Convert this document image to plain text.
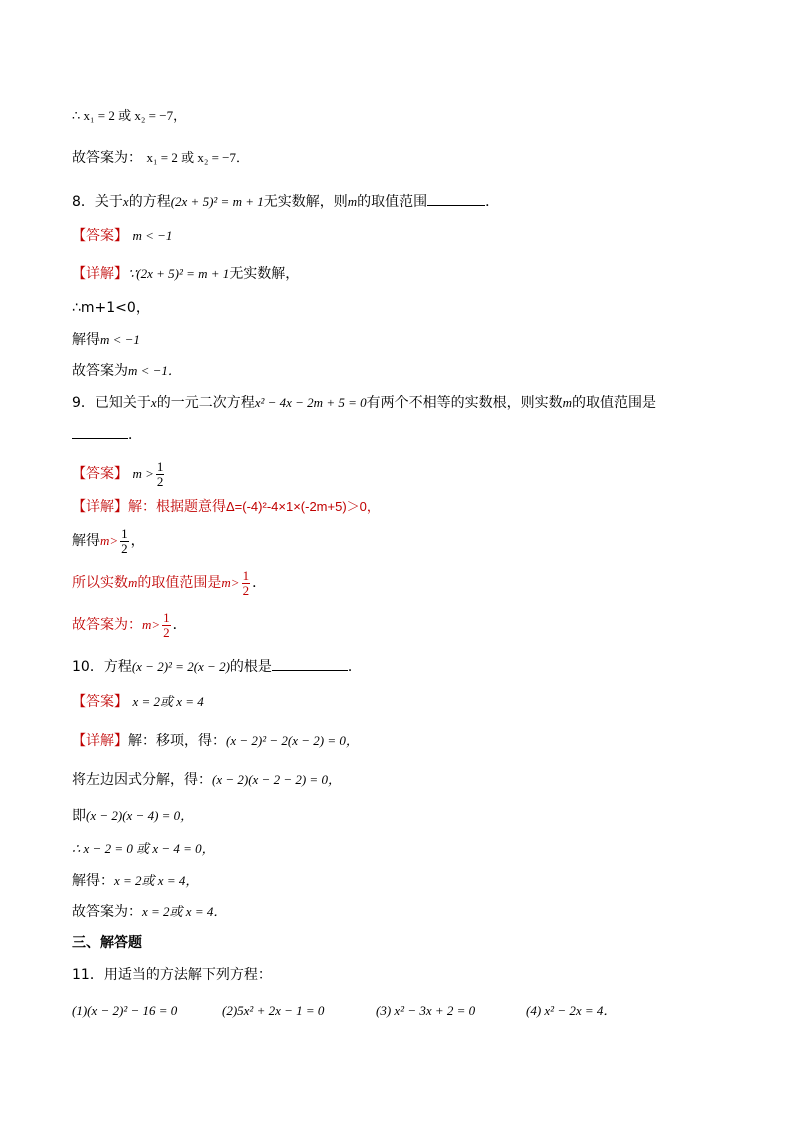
∴ x₁ = 2 或 x₂ = −7，
故答案为： x₁ = 2 或 x₂ = −7．
8．关于x的方程(2x + 5)² = m + 1无实数解，则m的取值范围	．
【答案】 m < −1
【详解】∵(2x + 5)² = m + 1无实数解，
∴m+1<0，
解得m < −1
故答案为m < −1．
9．已知关于x的一元二次方程x² − 4x − 2m + 5 = 0有两个不相等的实数根，则实数m的取值范围是
．
【答案】 $m > \frac{1}{2}$
【详解】解：根据题意得Δ=(-4)²-4×1×(-2m+5)＞0，
解得$m> \frac{1}{2}$ ，
所以实数m的取值范围是$m> \frac{1}{2}$ ．
故答案为：$m> \frac{1}{2}$ ．
10．方程(x − 2)² = 2(x − 2)的根是	．
【答案】 x = 2或 x = 4
【详解】解：移项，得：(x − 2)² − 2(x − 2) = 0，
将左边因式分解，得：(x − 2)(x − 2 − 2) = 0，
即(x − 2)(x − 4) = 0，
∴ x − 2 = 0 或 x − 4 = 0，
解得：x = 2或 x = 4，
故答案为：x = 2或 x = 4．
三、解答题
11．用适当的方法解下列方程：
(1)(x − 2)² − 16 = 0	(2)5x² + 2x − 1 = 0	(3) x² − 3x + 2 = 0	(4) x² − 2x = 4．
